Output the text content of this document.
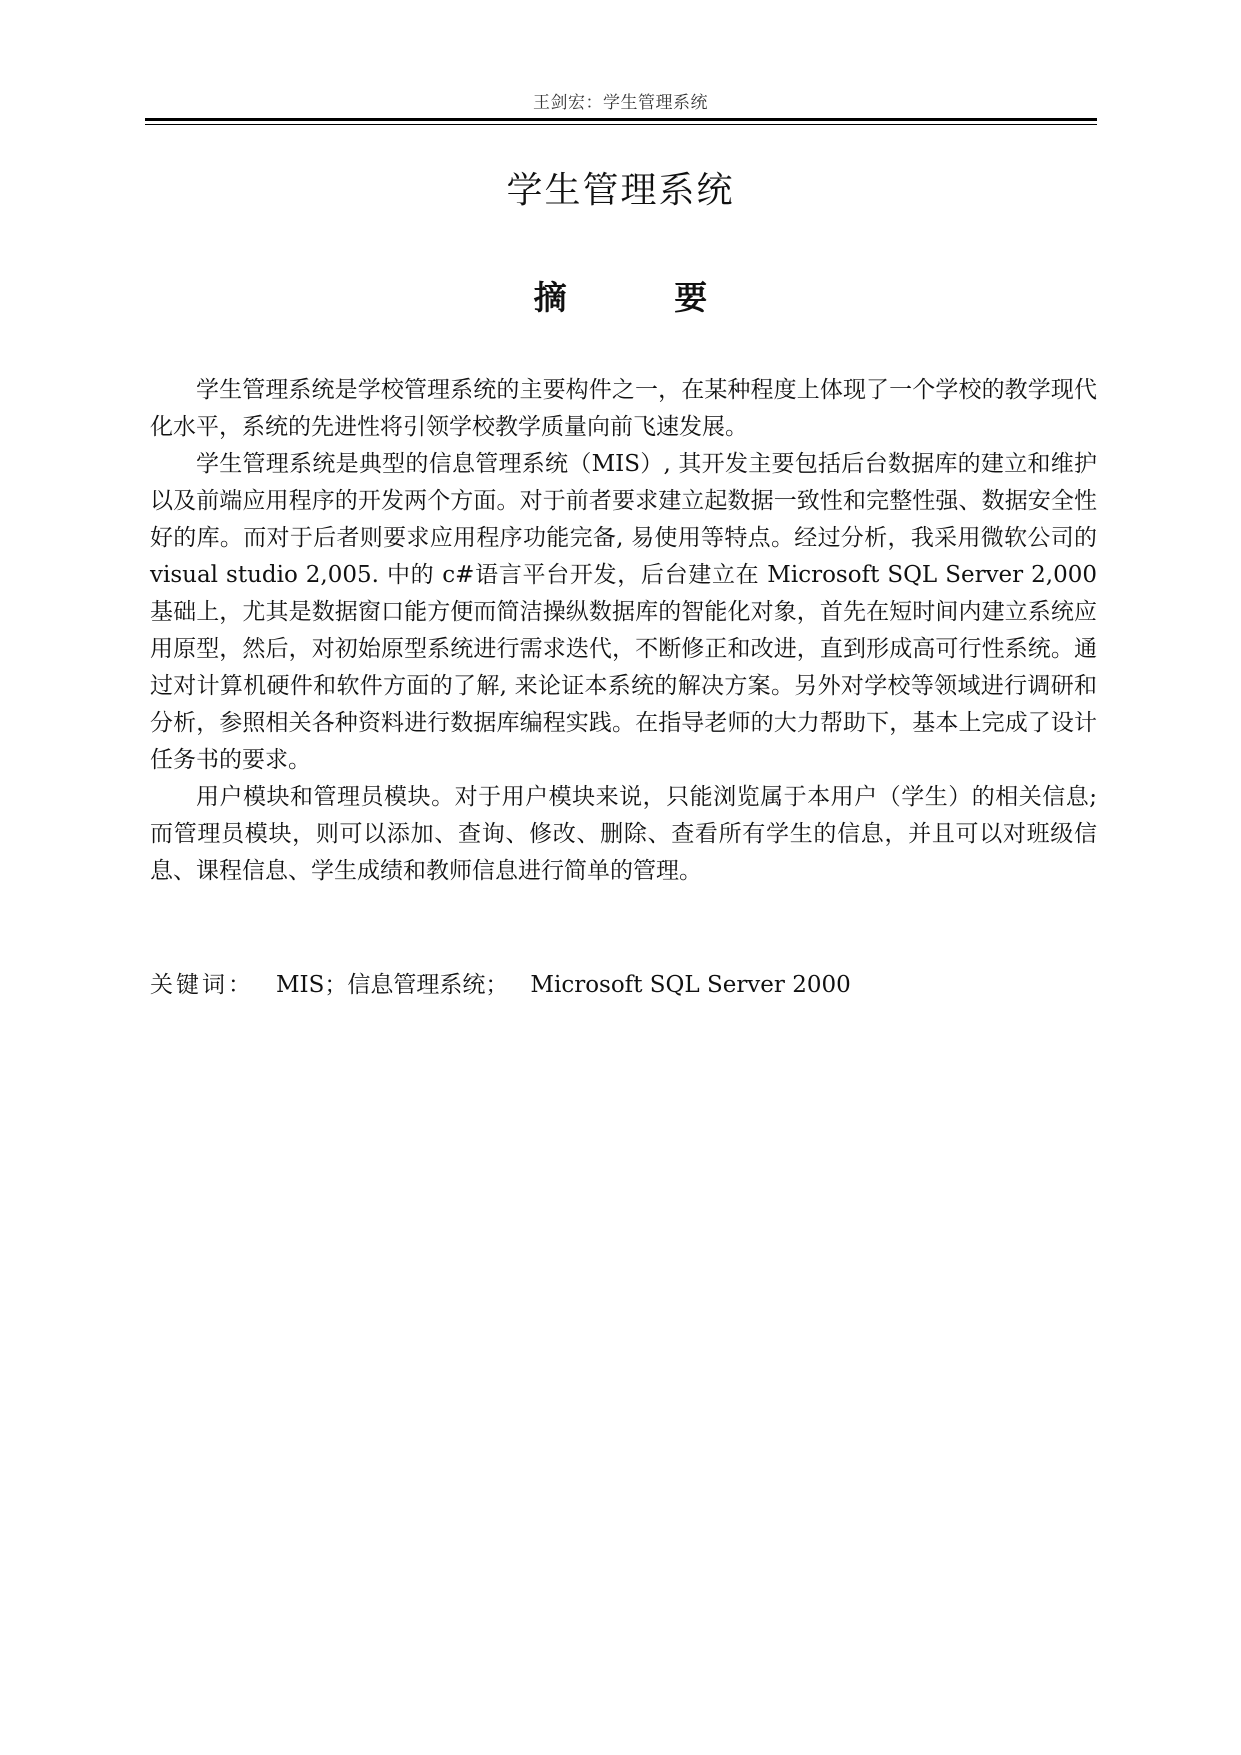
王剑宏：学生管理系统
学生管理系统
摘 要

学生管理系统是学校管理系统的主要构件之一，在某种程度上体现了一个学校的教学现代化水平，系统的先进性将引领学校教学质量向前飞速发展。

学生管理系统是典型的信息管理系统（MIS）, 其开发主要包括后台数据库的建立和维护以及前端应用程序的开发两个方面。对于前者要求建立起数据一致性和完整性强、数据安全性好的库。而对于后者则要求应用程序功能完备, 易使用等特点。经过分析，我采用微软公司的 visual studio 2,005. 中的 c#语言平台开发，后台建立在 Microsoft SQL Server 2,000 基础上，尤其是数据窗口能方便而简洁操纵数据库的智能化对象，首先在短时间内建立系统应用原型，然后，对初始原型系统进行需求迭代，不断修正和改进，直到形成高可行性系统。通过对计算机硬件和软件方面的了解, 来论证本系统的解决方案。另外对学校等领域进行调研和分析，参照相关各种资料进行数据库编程实践。在指导老师的大力帮助下，基本上完成了设计任务书的要求。

用户模块和管理员模块。对于用户模块来说，只能浏览属于本用户（学生）的相关信息; 而管理员模块，则可以添加、查询、修改、删除、查看所有学生的信息，并且可以对班级信息、课程信息、学生成绩和教师信息进行简单的管理。

关键词： MIS；信息管理系统； Microsoft SQL Server 2000
